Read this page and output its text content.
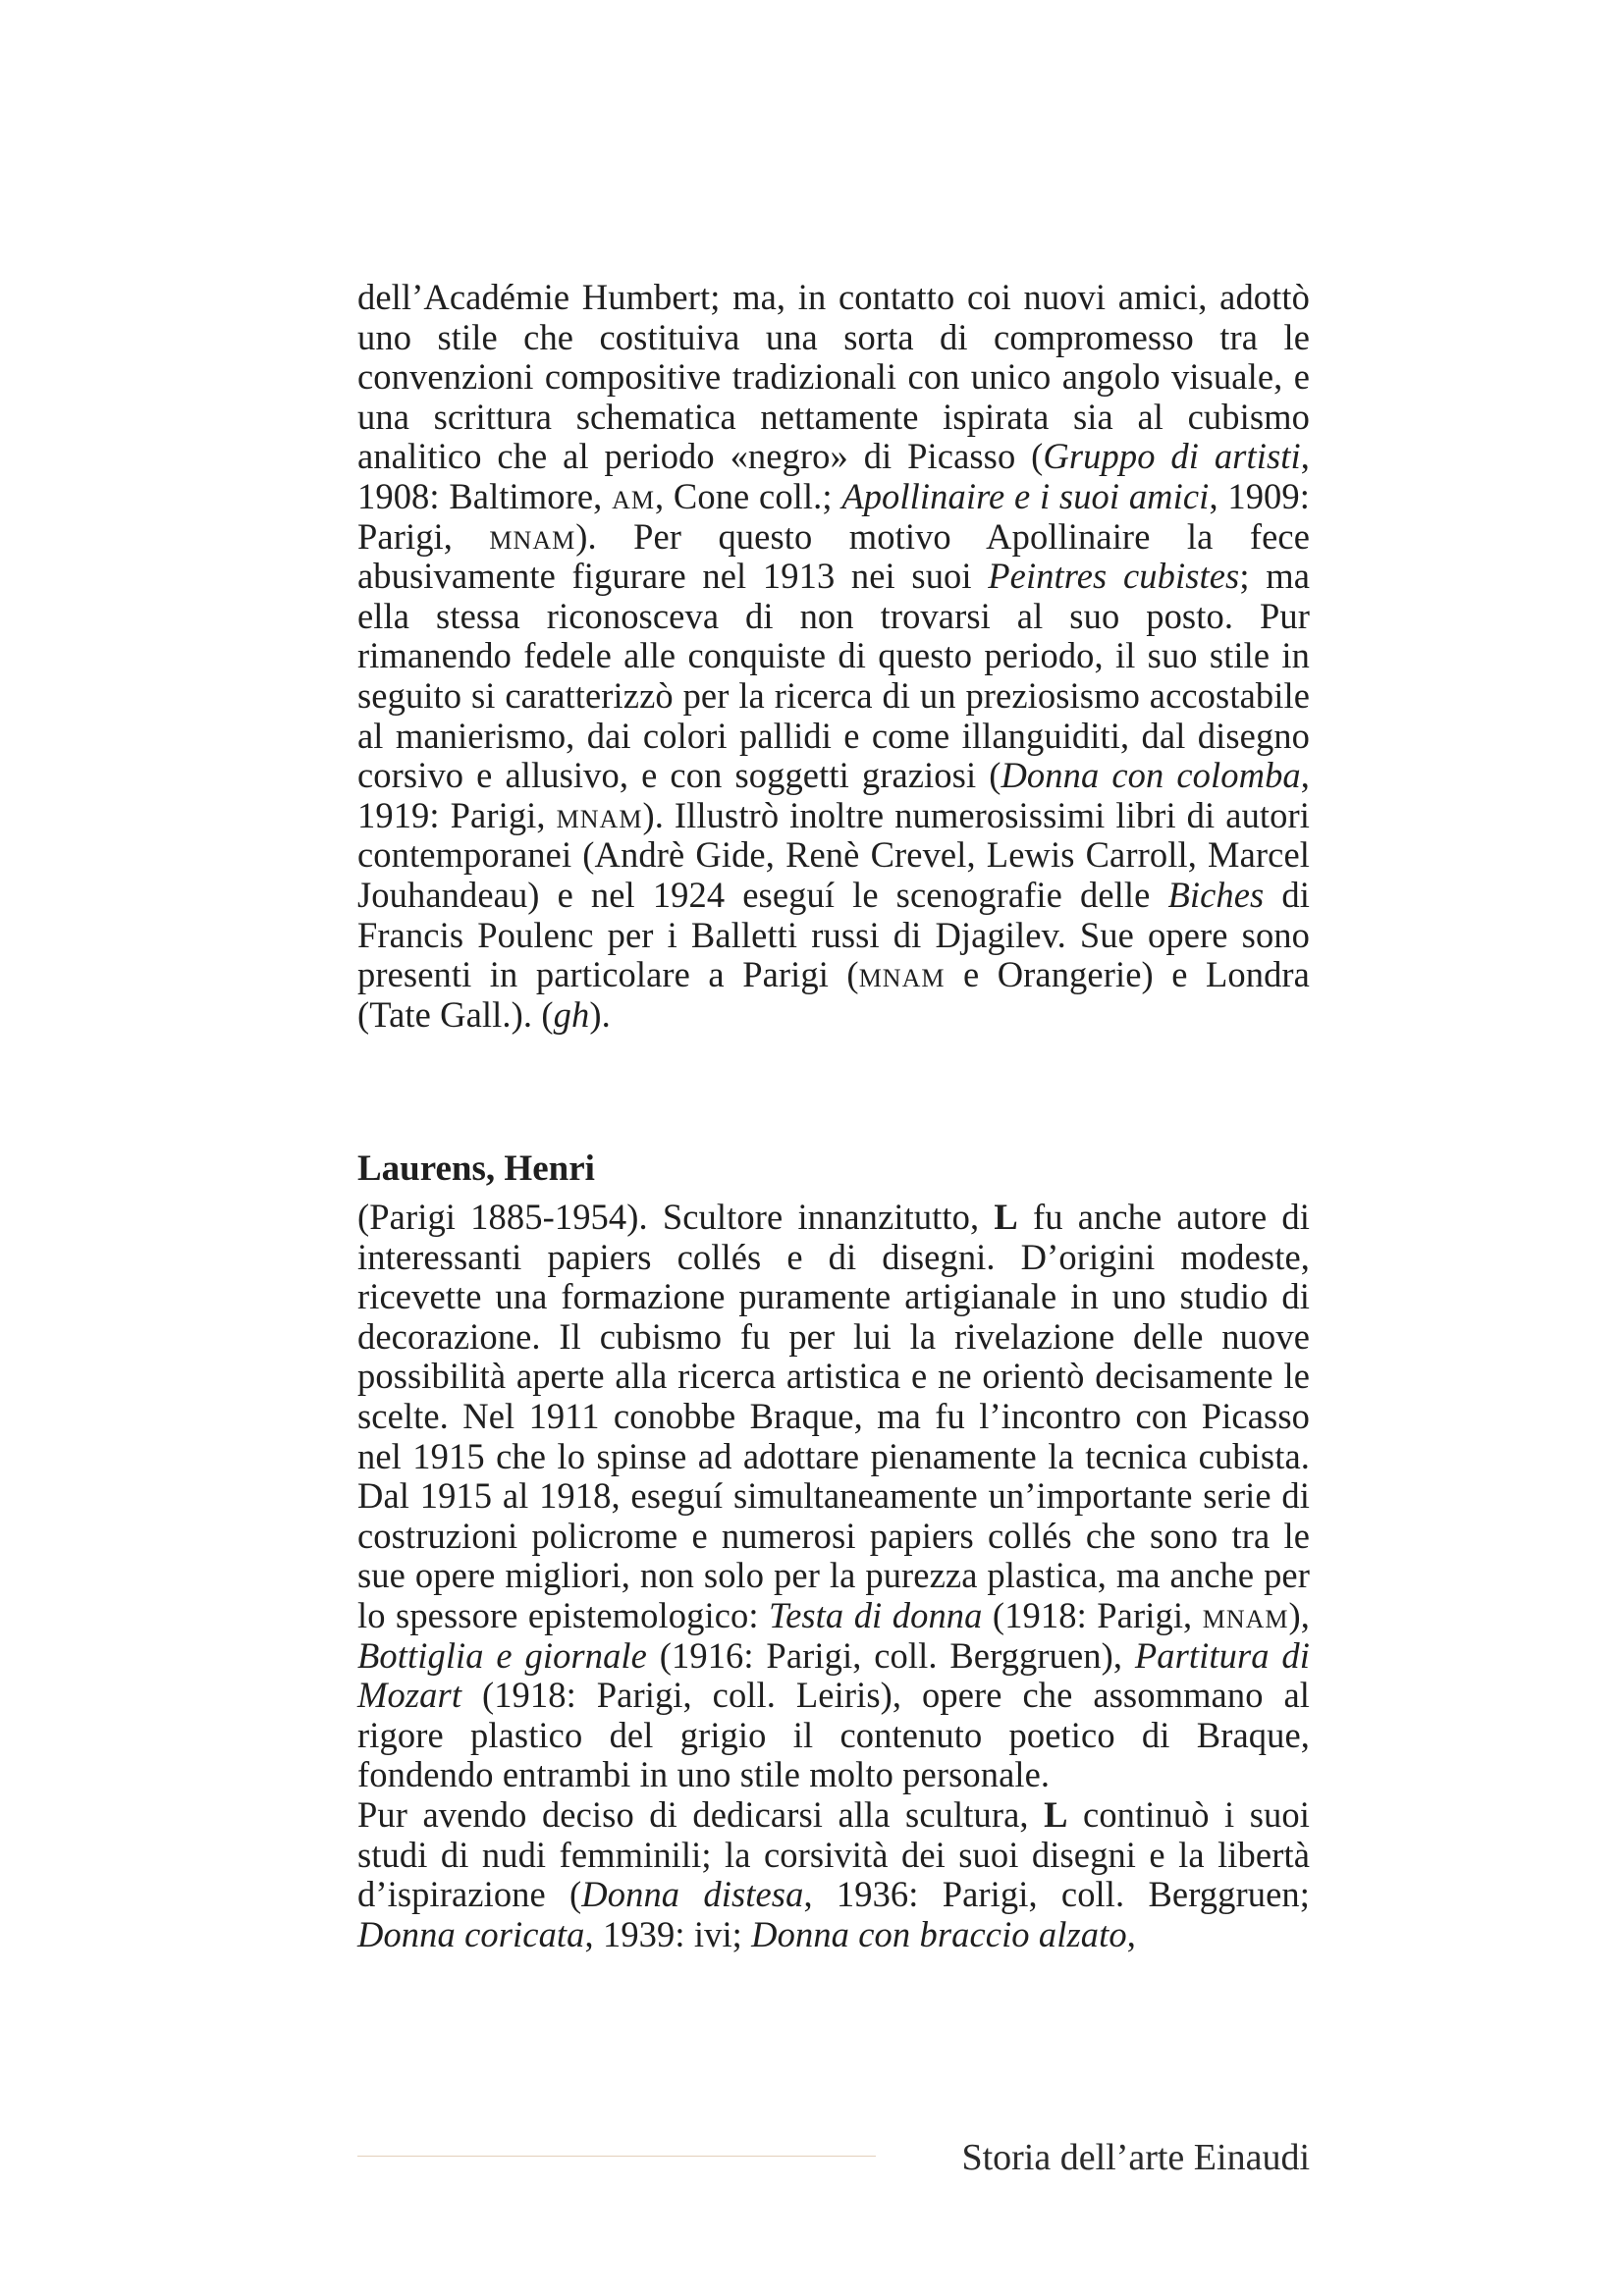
dell’Académie Humbert; ma, in contatto coi nuovi amici, adottò uno stile che costituiva una sorta di compromesso tra le convenzioni compositive tradizionali con unico angolo visuale, e una scrittura schematica nettamente ispirata sia al cubismo analitico che al periodo «negro» di Picasso (Gruppo di artisti, 1908: Baltimore, am, Cone coll.; Apollinaire e i suoi amici, 1909: Parigi, mnam). Per questo motivo Apollinaire la fece abusivamente figurare nel 1913 nei suoi Peintres cubistes; ma ella stessa riconosceva di non trovarsi al suo posto. Pur rimanendo fedele alle conquiste di questo periodo, il suo stile in seguito si caratterizzò per la ricerca di un preziosismo accostabile al manierismo, dai colori pallidi e come illanguiditi, dal disegno corsivo e allusivo, e con soggetti graziosi (Donna con colomba, 1919: Parigi, mnam). Illustrò inoltre numerosissimi libri di autori contemporanei (Andrè Gide, Renè Crevel, Lewis Carroll, Marcel Jouhandeau) e nel 1924 eseguí le scenografie delle Biches di Francis Poulenc per i Balletti russi di Djagilev. Sue opere sono presenti in particolare a Parigi (mnam e Orangerie) e Londra (Tate Gall.). (gh).

Laurens, Henri

(Parigi 1885-1954). Scultore innanzitutto, L fu anche autore di interessanti papiers collés e di disegni. D’origini modeste, ricevette una formazione puramente artigianale in uno studio di decorazione. Il cubismo fu per lui la rivelazione delle nuove possibilità aperte alla ricerca artistica e ne orientò decisamente le scelte. Nel 1911 conobbe Braque, ma fu l’incontro con Picasso nel 1915 che lo spinse ad adottare pienamente la tecnica cubista. Dal 1915 al 1918, eseguí simultaneamente un’importante serie di costruzioni policrome e numerosi papiers collés che sono tra le sue opere migliori, non solo per la purezza plastica, ma anche per lo spessore epistemologico: Testa di donna (1918: Parigi, mnam), Bottiglia e giornale (1916: Parigi, coll. Berggruen), Partitura di Mozart (1918: Parigi, coll. Leiris), opere che assommano al rigore plastico del grigio il contenuto poetico di Braque, fondendo entrambi in uno stile molto personale.

Pur avendo deciso di dedicarsi alla scultura, L continuò i suoi studi di nudi femminili; la corsività dei suoi disegni e la libertà d’ispirazione (Donna distesa, 1936: Parigi, coll. Berggruen; Donna coricata, 1939: ivi; Donna con braccio alzato,

Storia dell’arte Einaudi
